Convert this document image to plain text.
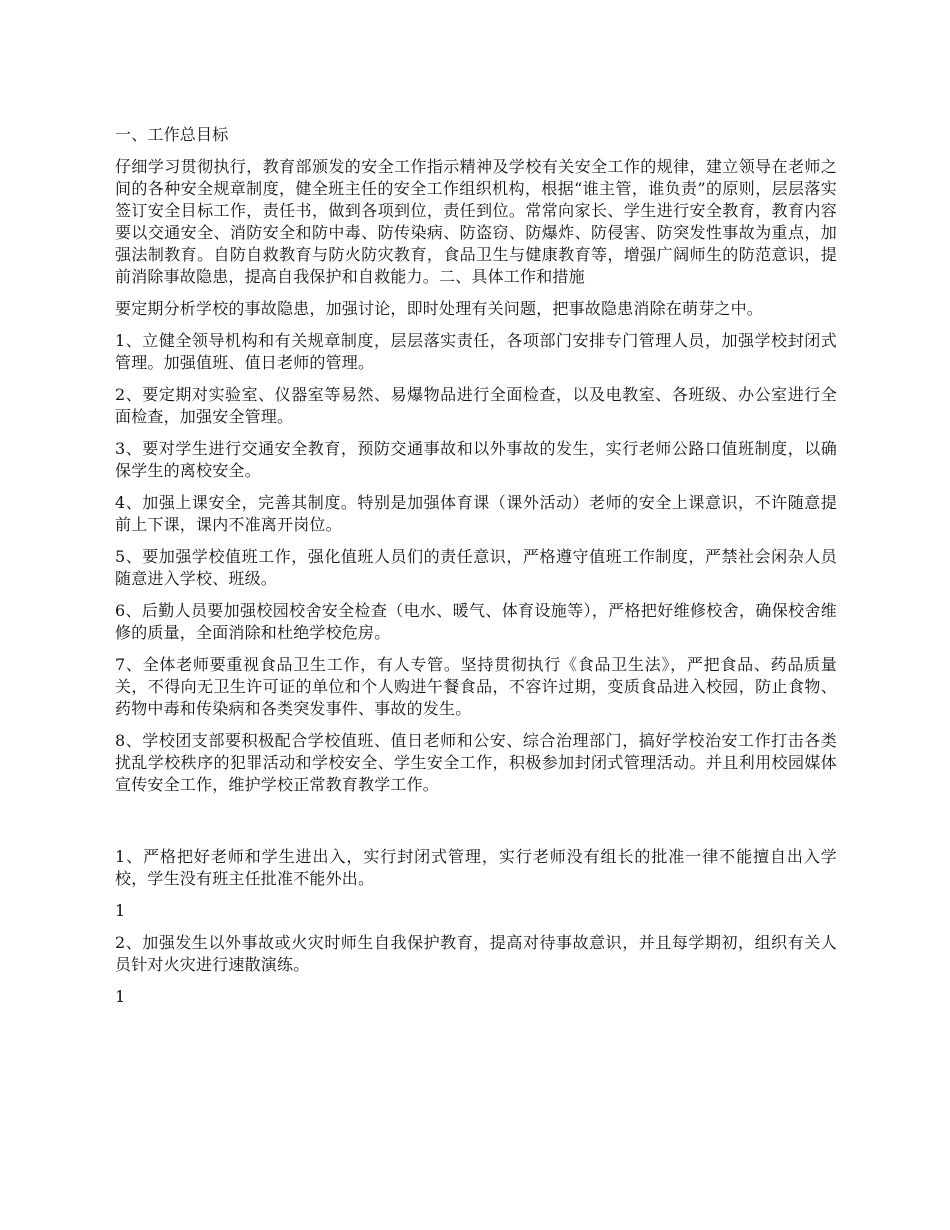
一、工作总目标

仔细学习贯彻执行，教育部颁发的安全工作指示精神及学校有关安全工作的规律，建立领导在老师之间的各种安全规章制度，健全班主任的安全工作组织机构，根据“谁主管，谁负责”的原则，层层落实签订安全目标工作，责任书，做到各项到位，责任到位。常常向家长、学生进行安全教育，教育内容要以交通安全、消防安全和防中毒、防传染病、防盗窃、防爆炸、防侵害、防突发性事故为重点，加强法制教育。自防自救教育与防火防灾教育，食品卫生与健康教育等，增强广阔师生的防范意识，提前消除事故隐患，提高自我保护和自救能力。二、具体工作和措施

要定期分析学校的事故隐患，加强讨论，即时处理有关问题，把事故隐患消除在萌芽之中。

1、立健全领导机构和有关规章制度，层层落实责任，各项部门安排专门管理人员，加强学校封闭式管理。加强值班、值日老师的管理。

2、要定期对实验室、仪器室等易然、易爆物品进行全面检查，以及电教室、各班级、办公室进行全面检查，加强安全管理。

3、要对学生进行交通安全教育，预防交通事故和以外事故的发生，实行老师公路口值班制度，以确保学生的离校安全。

4、加强上课安全，完善其制度。特别是加强体育课（课外活动）老师的安全上课意识，不许随意提前上下课，课内不准离开岗位。

5、要加强学校值班工作，强化值班人员们的责任意识，严格遵守值班工作制度，严禁社会闲杂人员随意进入学校、班级。

6、后勤人员要加强校园校舍安全检查（电水、暖气、体育设施等），严格把好维修校舍，确保校舍维修的质量，全面消除和杜绝学校危房。

7、全体老师要重视食品卫生工作，有人专管。坚持贯彻执行《食品卫生法》，严把食品、药品质量关，不得向无卫生许可证的单位和个人购进午餐食品，不容许过期，变质食品进入校园，防止食物、药物中毒和传染病和各类突发事件、事故的发生。

8、学校团支部要积极配合学校值班、值日老师和公安、综合治理部门，搞好学校治安工作打击各类扰乱学校秩序的犯罪活动和学校安全、学生安全工作，积极参加封闭式管理活动。并且利用校园媒体宣传安全工作，维护学校正常教育教学工作。

1、严格把好老师和学生进出入，实行封闭式管理，实行老师没有组长的批准一律不能擅自出入学校，学生没有班主任批准不能外出。

1

2、加强发生以外事故或火灾时师生自我保护教育，提高对待事故意识，并且每学期初，组织有关人员针对火灾进行速散演练。

1
